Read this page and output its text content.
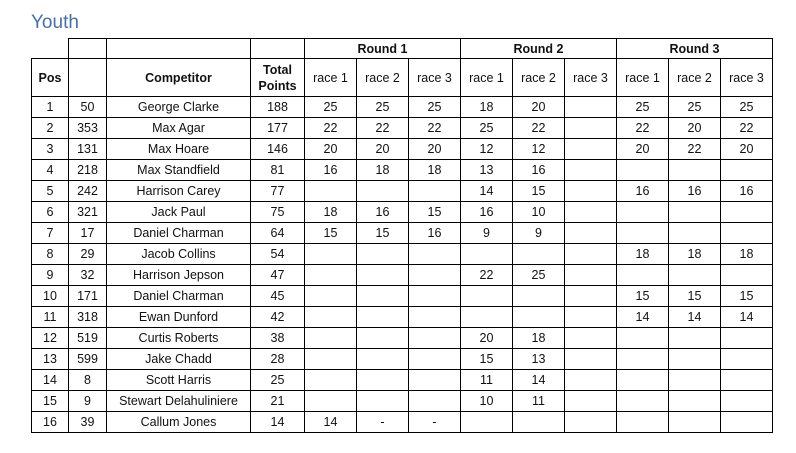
Youth
				Round 1			Round 2			Round 3		
Pos		Competitor	Total Points	race 1	race 2	race 3	race 1	race 2	race 3	race 1	race 2	race 3
1	50	George Clarke	188	25	25	25	18	20		25	25	25
2	353	Max Agar	177	22	22	22	25	22		22	20	22
3	131	Max Hoare	146	20	20	20	12	12		20	22	20
4	218	Max Standfield	81	16	18	18	13	16				
5	242	Harrison Carey	77				14	15		16	16	16
6	321	Jack Paul	75	18	16	15	16	10				
7	17	Daniel Charman	64	15	15	16	9	9				
8	29	Jacob Collins	54							18	18	18
9	32	Harrison Jepson	47				22	25				
10	171	Daniel Charman	45							15	15	15
11	318	Ewan Dunford	42							14	14	14
12	519	Curtis Roberts	38				20	18				
13	599	Jake Chadd	28				15	13				
14	8	Scott Harris	25				11	14				
15	9	Stewart Delahuliniere	21				10	11				
16	39	Callum Jones	14	14	-	-						
